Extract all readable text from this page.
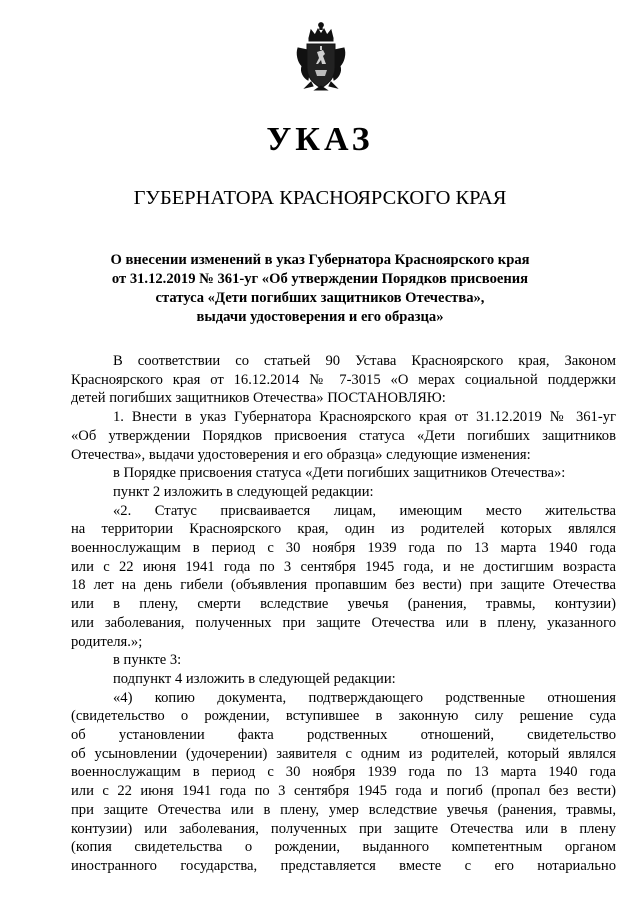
УКАЗ
ГУБЕРНАТОРА КРАСНОЯРСКОГО КРАЯ
О внесении изменений в указ Губернатора Красноярского края
от 31.12.2019 № 361-уг «Об утверждении Порядков присвоения
статуса «Дети погибших защитников Отечества»,
выдачи удостоверения и его образца»
В соответствии со статьей 90 Устава Красноярского края, Законом
Красноярского края от 16.12.2014 № 7-3015 «О мерах социальной поддержки
детей погибших защитников Отечества» ПОСТАНОВЛЯЮ:
1. Внести в указ Губернатора Красноярского края от 31.12.2019 № 361-уг
«Об утверждении Порядков присвоения статуса «Дети погибших защитников
Отечества», выдачи удостоверения и его образца» следующие изменения:
в Порядке присвоения статуса «Дети погибших защитников Отечества»:
пункт 2 изложить в следующей редакции:
«2. Статус присваивается лицам, имеющим место жительства
на территории Красноярского края, один из родителей которых являлся
военнослужащим в период с 30 ноября 1939 года по 13 марта 1940 года
или с 22 июня 1941 года по 3 сентября 1945 года, и не достигшим возраста
18 лет на день гибели (объявления пропавшим без вести) при защите Отечества
или в плену, смерти вследствие увечья (ранения, травмы, контузии)
или заболевания, полученных при защите Отечества или в плену, указанного
родителя.»;
в пункте 3:
подпункт 4 изложить в следующей редакции:
«4) копию документа, подтверждающего родственные отношения
(свидетельство о рождении, вступившее в законную силу решение суда
об установлении факта родственных отношений, свидетельство
об усыновлении (удочерении) заявителя с одним из родителей, который являлся
военнослужащим в период с 30 ноября 1939 года по 13 марта 1940 года
или с 22 июня 1941 года по 3 сентября 1945 года и погиб (пропал без вести)
при защите Отечества или в плену, умер вследствие увечья (ранения, травмы,
контузии) или заболевания, полученных при защите Отечества или в плену
(копия свидетельства о рождении, выданного компетентным органом
иностранного государства, представляется вместе с его нотариально
